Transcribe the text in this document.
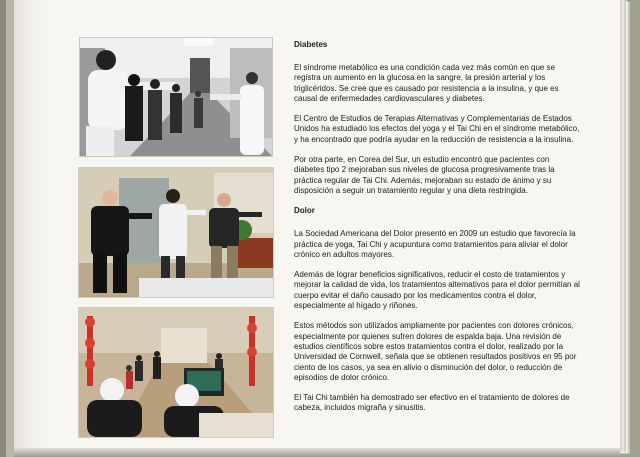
Diabetes

El síndrome metabólico es una condición cada vez más común en que se registra un aumento en la glucosa en la sangre, la presión arterial y los triglicéridos. Se cree que es causado por resistencia a la insulina, y que es causal de enfermedades cardiovasculares y diabetes.

El Centro de Estudios de Terapias Alternativas y Complementarias de Estados Unidos ha estudiado los efectos del yoga y el Tai Chi en el síndrome metabólico, y ha encontrado que podría ayudar en la reducción de resistencia a la insulina.

Por otra parte, en Corea del Sur, un estudio encontró que pacientes con diabetes tipo 2 mejoraban sus niveles de glucosa progresivamente tras la práctica regular de Tai Chi. Además, mejoraban su estado de ánimo y su disposición a seguir un tratamiento regular y una dieta restringida.

Dolor

La Sociedad Americana del Dolor presentó en 2009 un estudio que favorecía la práctica de yoga, Tai Chi y acupuntura como tratamientos para aliviar el dolor crónico en adultos mayores.

Además de lograr beneficios significativos, reducir el costo de tratamientos y mejorar la calidad de vida, los tratamientos alternativos para el dolor permitían al cuerpo evitar el daño causado por los medicamentos contra el dolor, especialmente al hígado y riñones.

Estos métodos son utilizados ampliamente por pacientes con dolores crónicos, especialmente por quienes sufren dolores de espalda baja. Una revisión de estudios científicos sobre estos tratamientos contra el dolor, realizado por la Universidad de Cornwell, señala que se obtienen resultados positivos en 95 por ciento de los casos, ya sea en alivio o disminución del dolor, o reducción de episodios de dolor crónico.

El Tai Chi también ha demostrado ser efectivo en el tratamiento de dolores de cabeza, incluidos migraña y sinusitis.
